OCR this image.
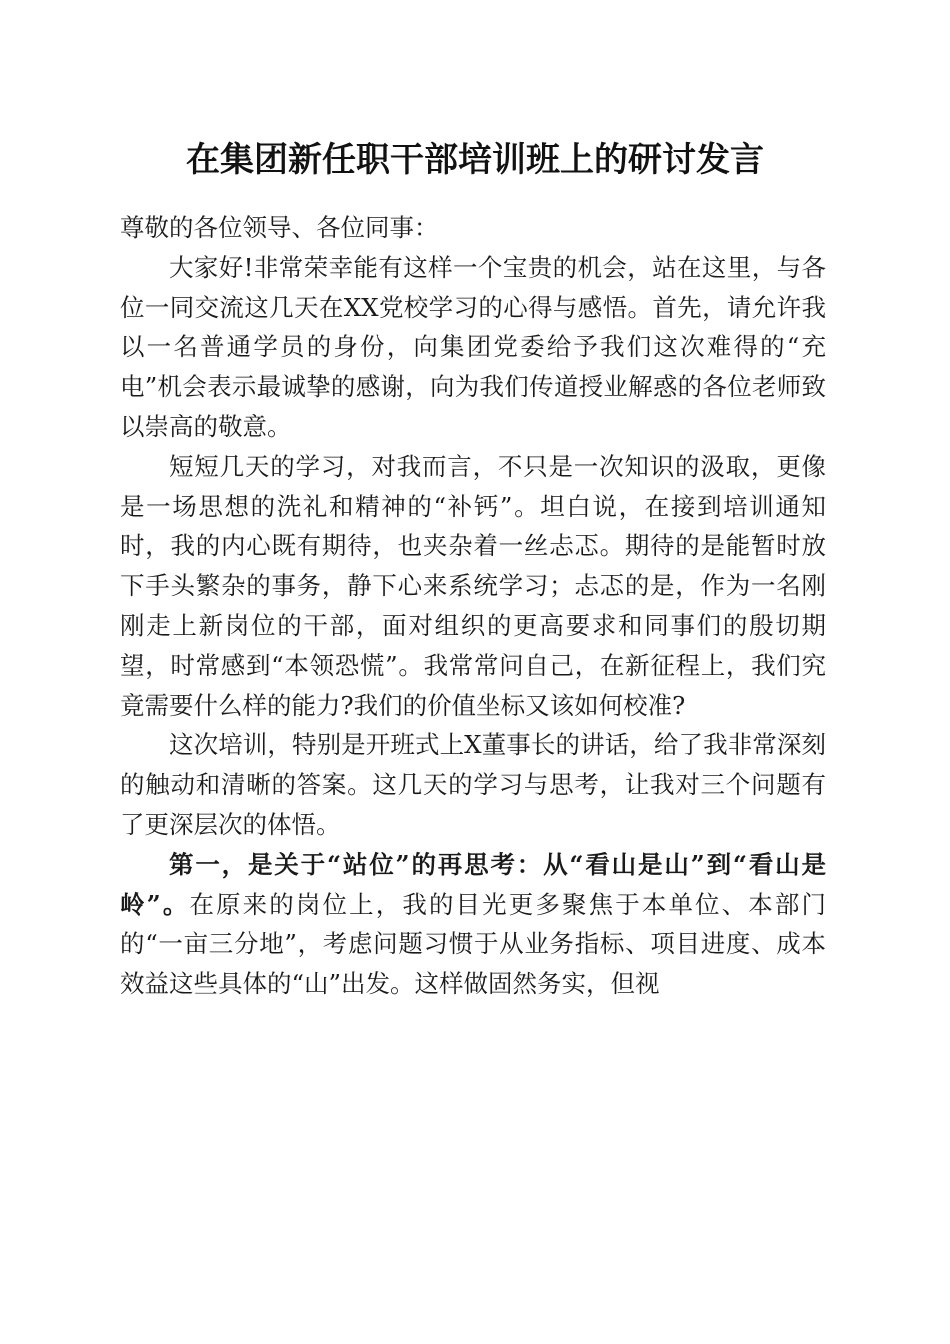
在集团新任职干部培训班上的研讨发言

尊敬的各位领导、各位同事：

大家好!非常荣幸能有这样一个宝贵的机会，站在这里，与各位一同交流这几天在XX党校学习的心得与感悟。首先，请允许我以一名普通学员的身份，向集团党委给予我们这次难得的“充电”机会表示最诚挚的感谢，向为我们传道授业解惑的各位老师致以崇高的敬意。

短短几天的学习，对我而言，不只是一次知识的汲取，更像是一场思想的洗礼和精神的“补钙”。坦白说，在接到培训通知时，我的内心既有期待，也夹杂着一丝忐忑。期待的是能暂时放下手头繁杂的事务，静下心来系统学习；忐忑的是，作为一名刚刚走上新岗位的干部，面对组织的更高要求和同事们的殷切期望，时常感到“本领恐慌”。我常常问自己，在新征程上，我们究竟需要什么样的能力?我们的价值坐标又该如何校准?

这次培训，特别是开班式上X董事长的讲话，给了我非常深刻的触动和清晰的答案。这几天的学习与思考，让我对三个问题有了更深层次的体悟。

第一，是关于“站位”的再思考：从“看山是山”到“看山是岭”。在原来的岗位上，我的目光更多聚焦于本单位、本部门的“一亩三分地”，考虑问题习惯于从业务指标、项目进度、成本效益这些具体的“山”出发。这样做固然务实，但视
